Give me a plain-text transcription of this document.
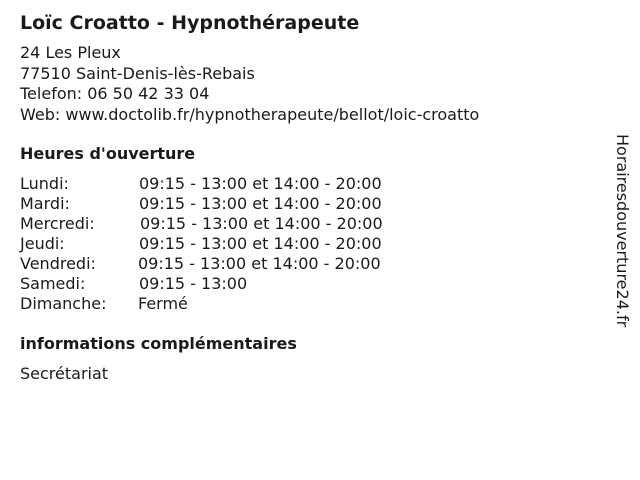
Loïc Croatto - Hypnothérapeute
24 Les Pleux
77510 Saint-Denis-lès-Rebais
Telefon: 06 50 42 33 04
Web: www.doctolib.fr/hypnotherapeute/bellot/loic-croatto
Heures d'ouverture
Lundi:	09:15 - 13:00 et 14:00 - 20:00
Mardi:	09:15 - 13:00 et 14:00 - 20:00
Mercredi:	09:15 - 13:00 et 14:00 - 20:00
Jeudi:	09:15 - 13:00 et 14:00 - 20:00
Vendredi:	09:15 - 13:00 et 14:00 - 20:00
Samedi:	09:15 - 13:00
Dimanche: Fermé
informations complémentaires
Secrétariat
Horairesdouverture24.fr
